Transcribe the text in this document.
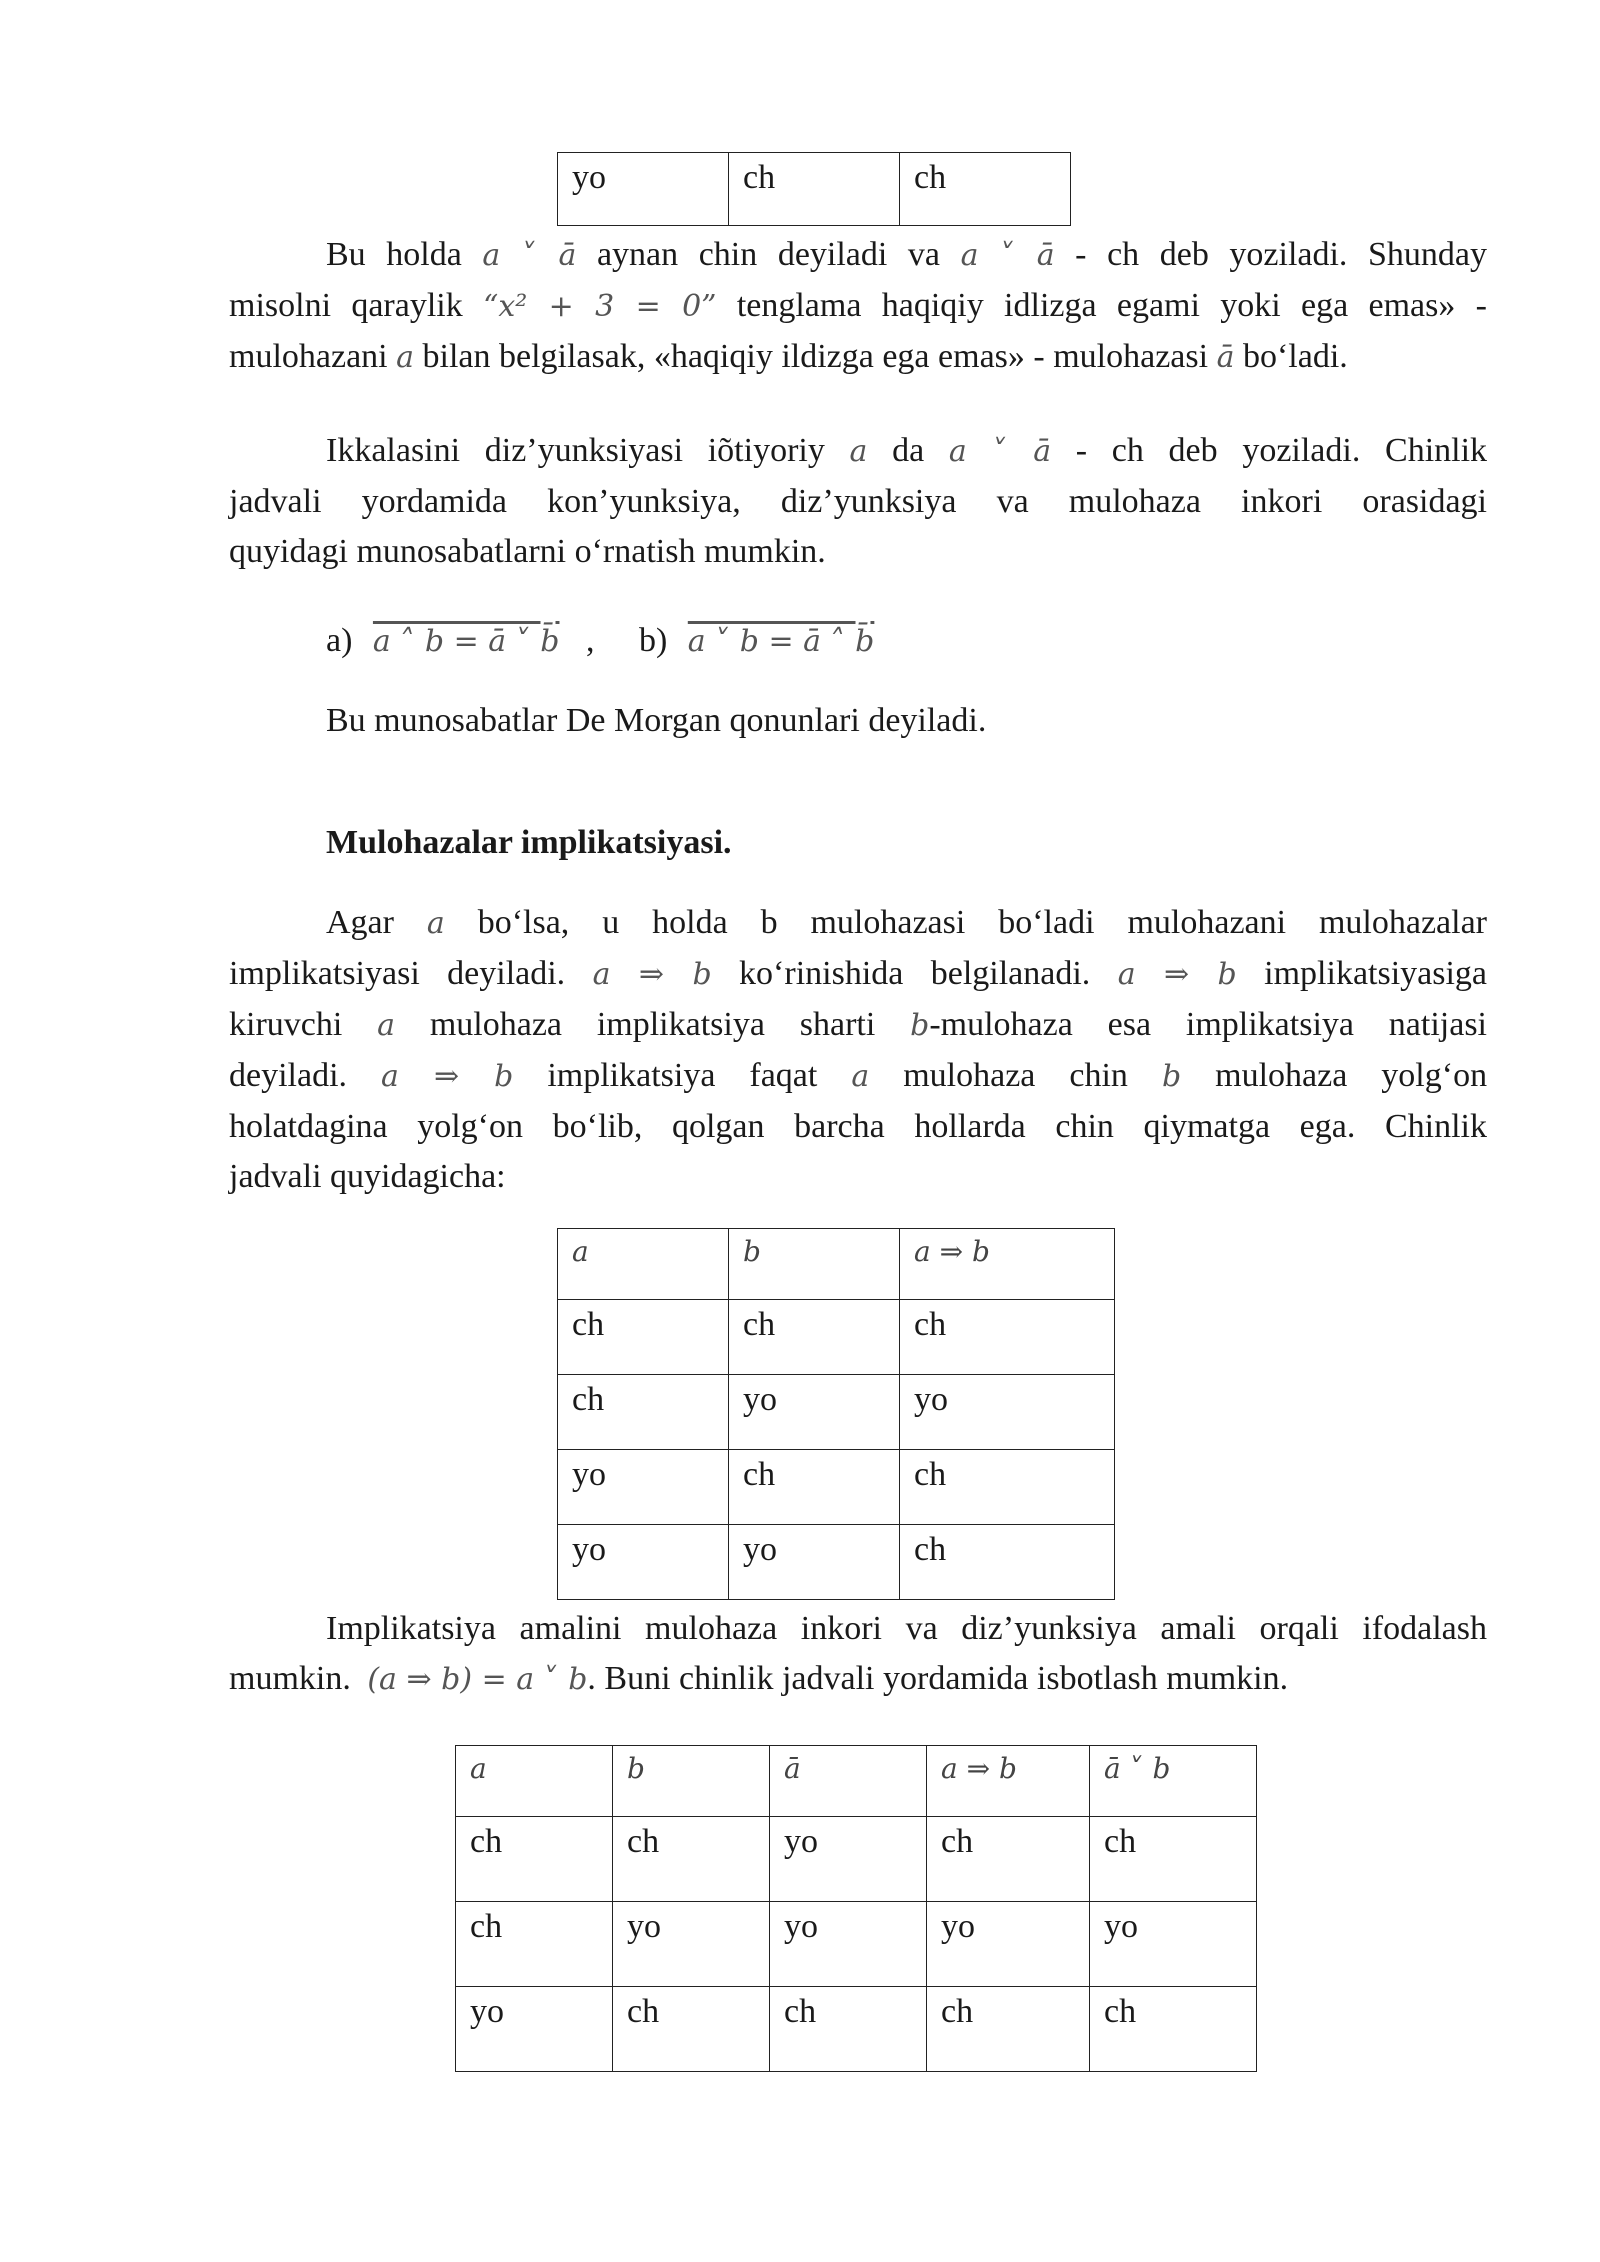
yo	ch	ch
Bu holda a ˅ ā aynan chin deyiladi va a ˅ ā - ch deb yoziladi. Shunday
misolni qaraylik “x² + 3 = 0” tenglama haqiqiy idlizga egami yoki ega emas» -
mulohazani a bilan belgilasak, «haqiqiy ildizga ega emas» - mulohazasi ā bo‘ladi.
Ikkalasini diz’yunksiyasi iõtiyoriy a da a ˅ ā - ch deb yoziladi. Chinlik
jadvali yordamida kon’yunksiya, diz’yunksiya va mulohaza inkori orasidagi
quyidagi munosabatlarni o‘rnatish mumkin.
a) a ˄ b = ā ˅ b̄ , b) a ˅ b = ā ˄ b̄
Bu munosabatlar De Morgan qonunlari deyiladi.
Mulohazalar implikatsiyasi.
Agar a bo‘lsa, u holda b mulohazasi bo‘ladi mulohazani mulohazalar
implikatsiyasi deyiladi. a ⇒ b ko‘rinishida belgilanadi. a ⇒ b implikatsiyasiga
kiruvchi a mulohaza implikatsiya sharti b-mulohaza esa implikatsiya natijasi
deyiladi. a ⇒ b implikatsiya faqat a mulohaza chin b mulohaza yolg‘on
holatdagina yolg‘on bo‘lib, qolgan barcha hollarda chin qiymatga ega. Chinlik
jadvali quyidagicha:
a	b	a ⇒ b
ch	ch	ch
ch	yo	yo
yo	ch	ch
yo	yo	ch
Implikatsiya amalini mulohaza inkori va diz’yunksiya amali orqali ifodalash
mumkin. (a ⇒ b) = a ˅ b. Buni chinlik jadvali yordamida isbotlash mumkin.
a	b	ā	a ⇒ b	ā ˅ b
ch	ch	yo	ch	ch
ch	yo	yo	yo	yo
yo	ch	ch	ch	ch
